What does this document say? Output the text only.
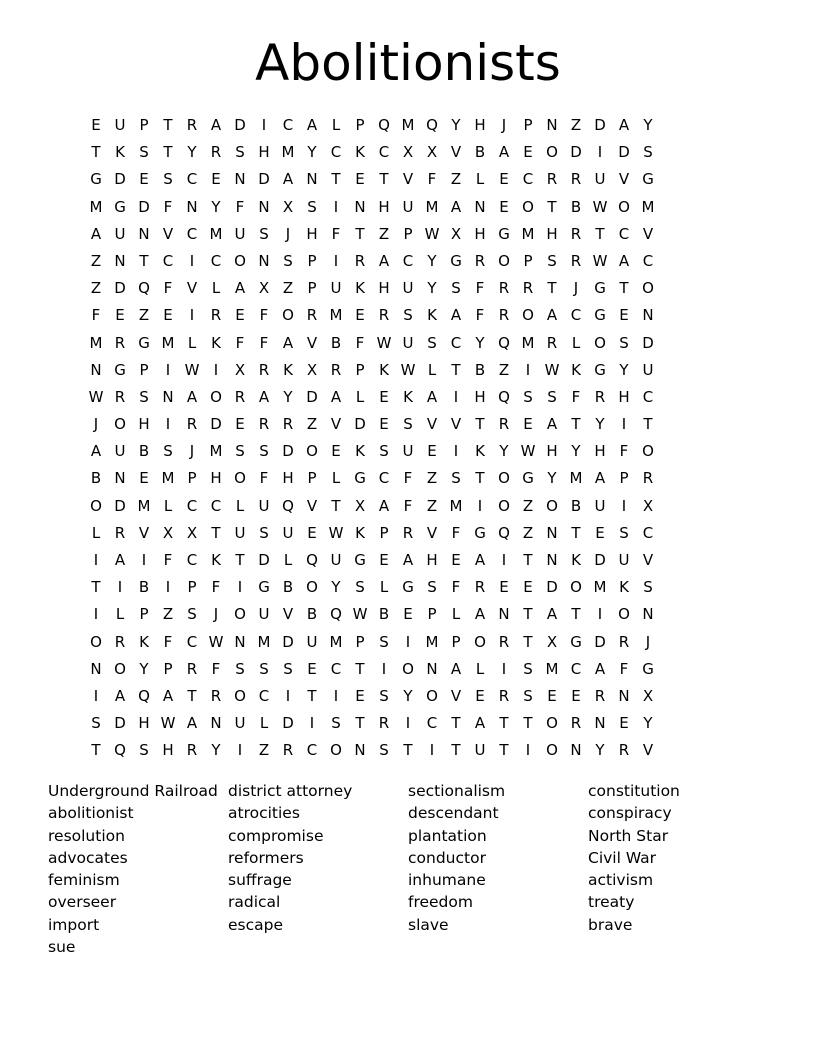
Abolitionists
E U P T R A D	I	C A L	P Q M Q Y H	J	P N Z D A Y
T K S T Y R S H M Y C K C X X V B A E O D	I	D S
G D E S C E N D A N T E T V F Z L	E C R R U V G
M G D F N Y	F N X S	I	N H U M A N E O T B W O M
A U N V C M U S	J	H F	T Z P W X H G M H R T C V
Z N T C	I	C O N S P	I	R A C Y G R O P S R W A C
Z D Q F V L A X Z P U K H U Y S F R R T	J	G T O
F E Z E	I	R E F O R M E R S K A F R O A C G E N
M R G M L K F	F A V B F W U S C Y Q M R L O S D
N G P	I W I	X R K X R P K W L	T B Z	I W K G Y U
W R S N A O R A Y D A L	E K A	I	H Q S S F R H C
J	O H	I	R D E R R Z V D E S V V T R E A T Y	I	T
A U B S	J	M S S D O E K S U E	I	K Y W H Y H F O
B N E M P H O F H P	L G C F Z S T O G Y M A P R
O D M L C C L U Q V T X A F Z M	I	O Z O B U	I	X
L R V X X T U S U E W K P R V F G Q Z N T E S C
I	A	I	F C K T D L Q U G E A H E A	I	T N K D U V
T	I	B	I	P	F	I	G B O Y S	L G S F R E E D O M K S
I	L	P Z S	J	O U V B Q W B E P	L A N T A T	I	O N
O R K F C W N M D U M P S	I	M P O R T X G D R	J
N O Y P R F S S S E C T	I	O N A L	I	S M C A F G
I	A Q A T R O C	I	T	I	E S Y O V E R S E E R N X
S D H W A N U L D	I	S T R	I	C T A T T O R N E Y
T Q S H R Y	I	Z R C O N S T	I	T U T	I	O N Y R V
Underground Railroad
abolitionist
resolution
advocates
feminism
overseer
import
sue
district attorney
atrocities
compromise
reformers
suffrage
radical
escape
sectionalism
descendant
plantation
conductor
inhumane
freedom
slave
constitution
conspiracy
North Star
Civil War
activism
treaty
brave
